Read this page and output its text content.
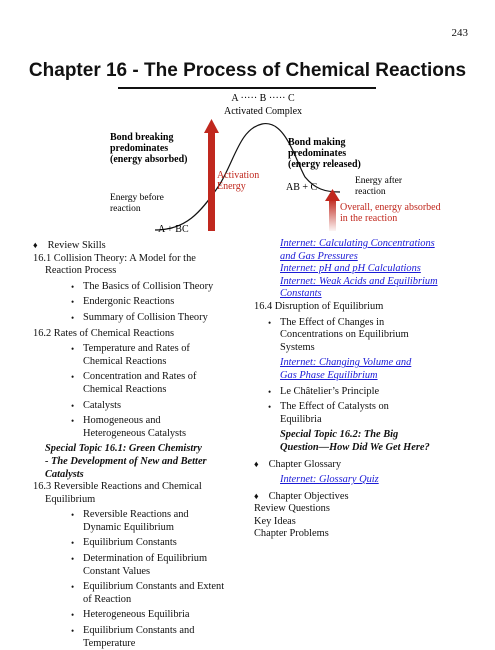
243
Chapter 16 - The Process of Chemical Reactions
A ····· B ····· C
Activated Complex
Bond breaking predominates (energy absorbed)
Energy before reaction
A + BC
Activation Energy
Bond making predominates (energy released)
AB + C
Energy after reaction
Overall, energy absorbed in the reaction
♦ Review Skills
16.1 Collision Theory: A Model for the
Reaction Process
• The Basics of Collision Theory
• Endergonic Reactions
• Summary of Collision Theory
16.2 Rates of Chemical Reactions
• Temperature and Rates of
Chemical Reactions
• Concentration and Rates of
Chemical Reactions
• Catalysts
• Homogeneous and
Heterogeneous Catalysts
Special Topic 16.1: Green Chemistry
- The Development of New and Better
Catalysts
16.3 Reversible Reactions and Chemical
Equilibrium
• Reversible Reactions and
Dynamic Equilibrium
• Equilibrium Constants
• Determination of Equilibrium
Constant Values
• Equilibrium Constants and Extent
of Reaction
• Heterogeneous Equilibria
• Equilibrium Constants and
Temperature
Internet: Calculating Concentrations
and Gas Pressures
Internet: pH and pH Calculations
Internet: Weak Acids and Equilibrium
Constants
16.4 Disruption of Equilibrium
• The Effect of Changes in
Concentrations on Equilibrium
Systems
Internet: Changing Volume and
Gas Phase Equilibrium
• Le Châtelier’s Principle
• The Effect of Catalysts on
Equilibria
Special Topic 16.2: The Big
Question—How Did We Get Here?
♦ Chapter Glossary
Internet: Glossary Quiz
♦ Chapter Objectives
Review Questions
Key Ideas
Chapter Problems
